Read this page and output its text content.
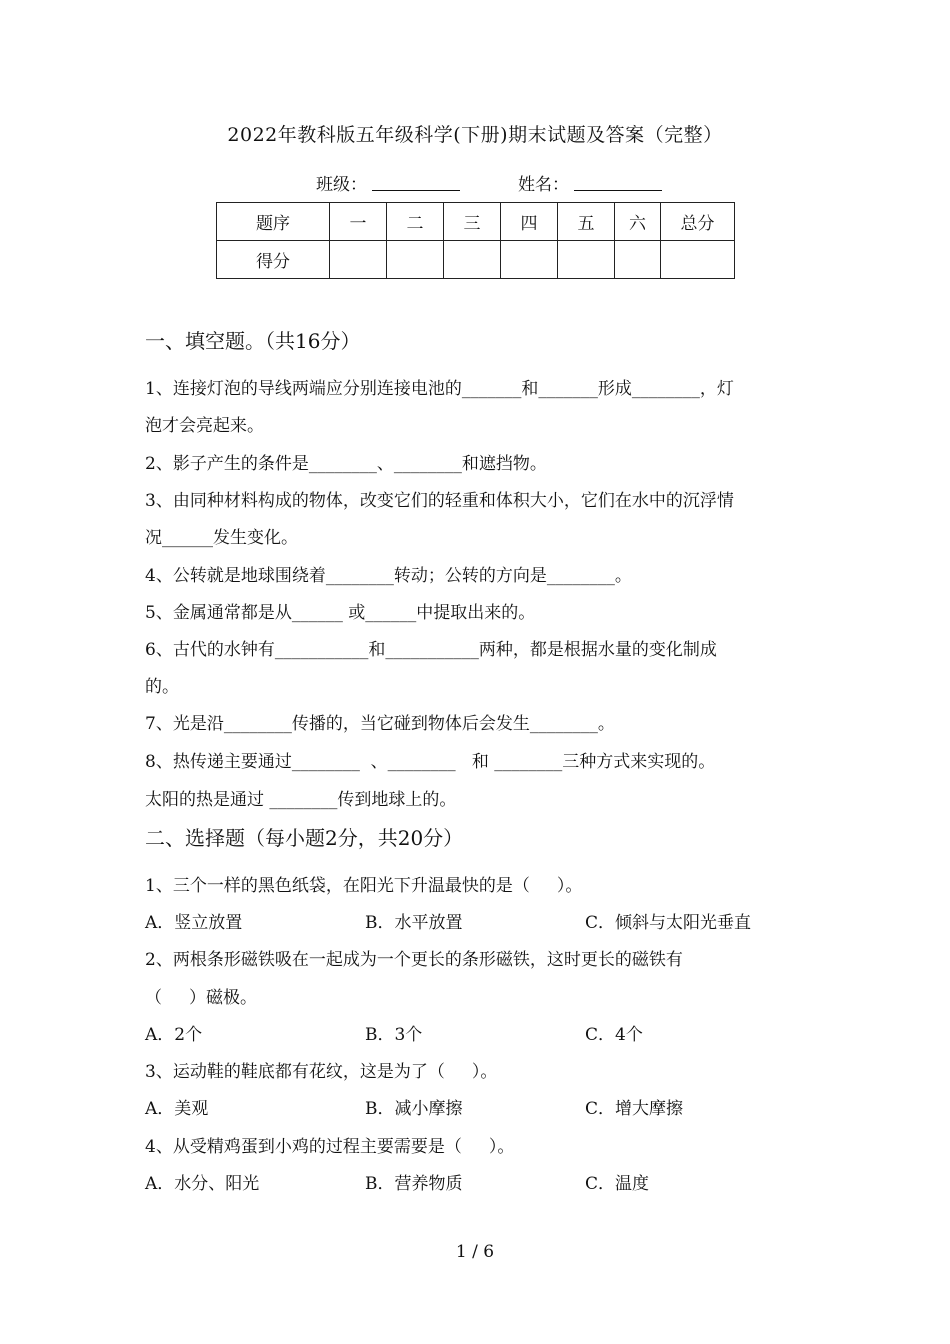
2022年教科版五年级科学(下册)期末试题及答案（完整）
班级：	姓名：
题序	一	二	三	四	五	六	总分
得分							
一、填空题。（共16分）
1、连接灯泡的导线两端应分别连接电池的_______和_______形成________，灯
泡才会亮起来。
2、影子产生的条件是________、________和遮挡物。
3、由同种材料构成的物体，改变它们的轻重和体积大小，它们在水中的沉浮情
况______发生变化。
4、公转就是地球围绕着________转动；公转的方向是________。
5、金属通常都是从______ 或______中提取出来的。
6、古代的水钟有___________和___________两种，都是根据水量的变化制成
的。
7、光是沿________传播的，当它碰到物体后会发生________。
8、热传递主要通过________  、________   和 ________三种方式来实现的。
太阳的热是通过 ________传到地球上的。
二、选择题（每小题2分，共20分）
1、三个一样的黑色纸袋，在阳光下升温最快的是（     ）。
A．竖立放置	B．水平放置	C．倾斜与太阳光垂直
2、两根条形磁铁吸在一起成为一个更长的条形磁铁，这时更长的磁铁有
（     ）磁极。
A．2个	B．3个	C．4个
3、运动鞋的鞋底都有花纹，这是为了（     ）。
A．美观	B．减小摩擦	C．增大摩擦
4、从受精鸡蛋到小鸡的过程主要需要是（     ）。
A．水分、阳光	B．营养物质	C．温度
1 / 6
